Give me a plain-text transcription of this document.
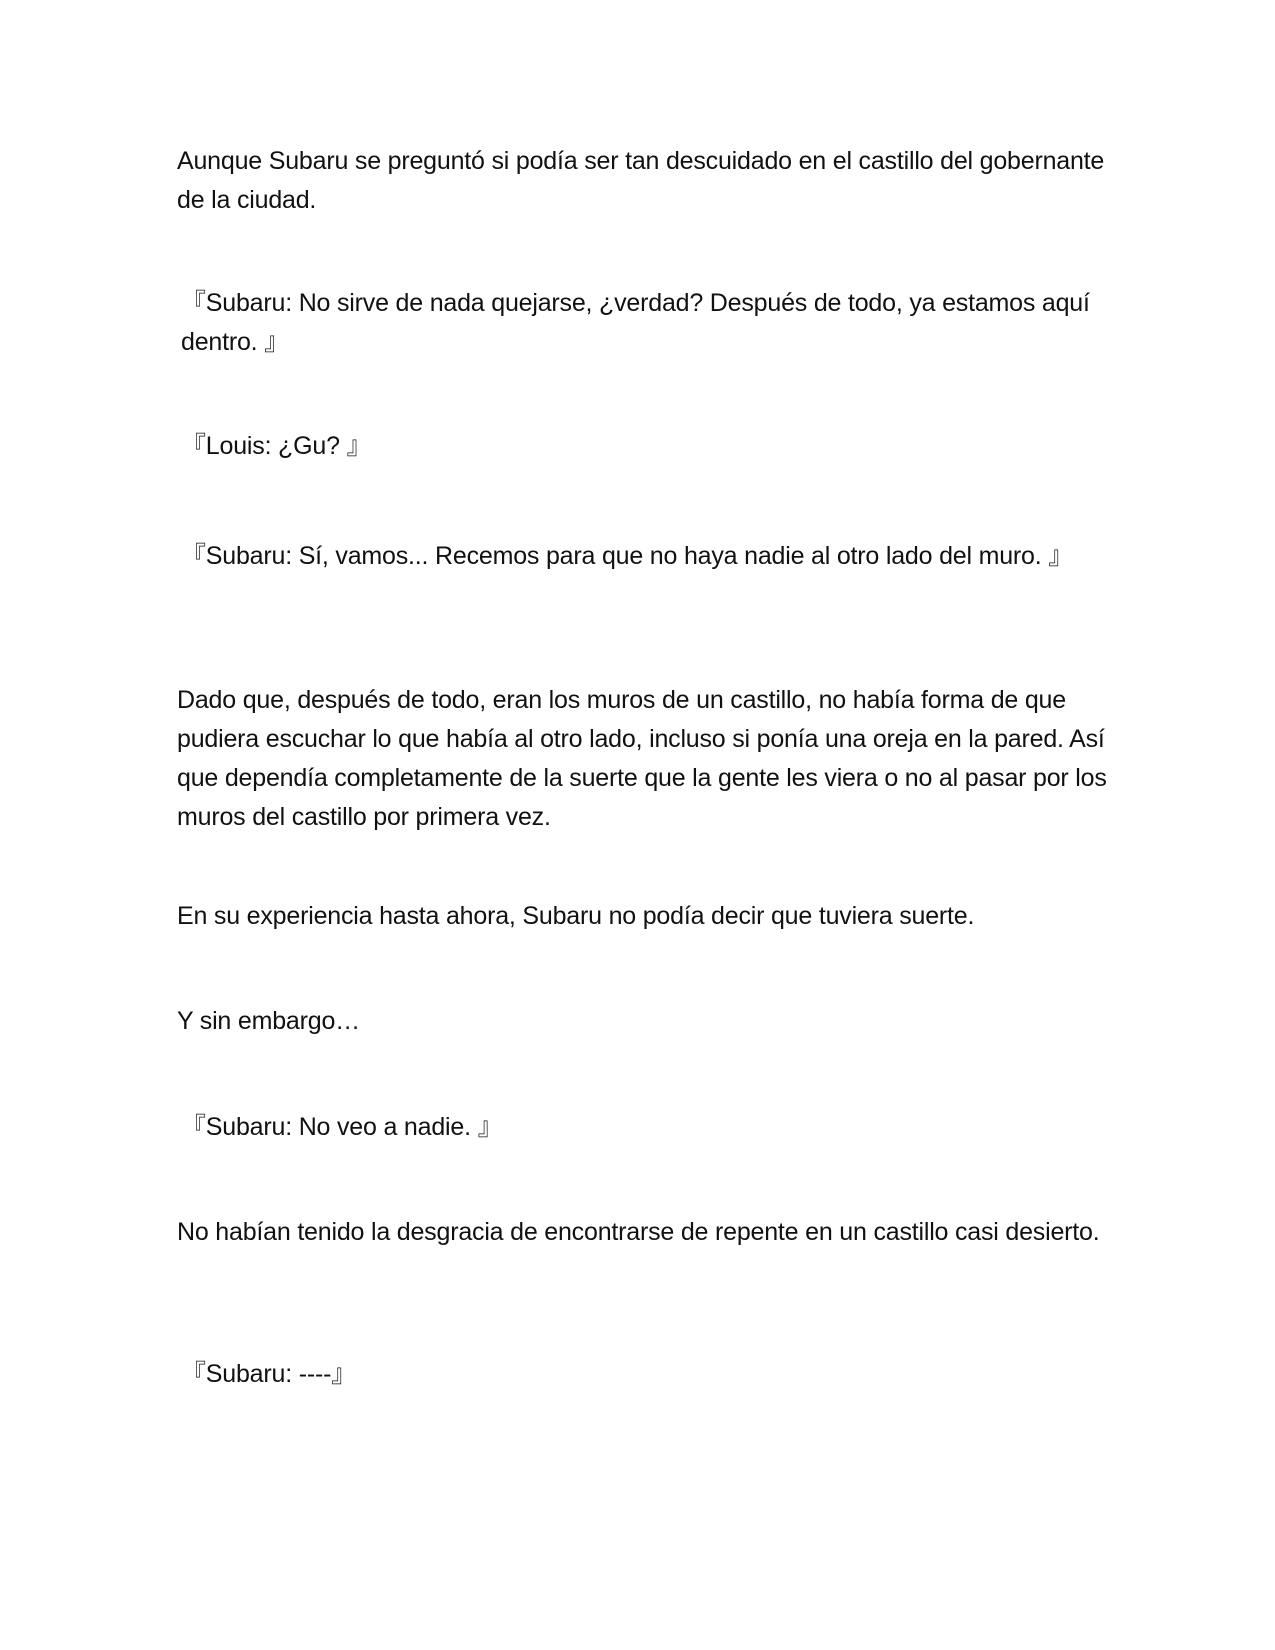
Aunque Subaru se preguntó si podía ser tan descuidado en el castillo del gobernante de la ciudad.

『Subaru: No sirve de nada quejarse, ¿verdad? Después de todo, ya estamos aquí dentro. 』

『Louis: ¿Gu? 』

『Subaru: Sí, vamos... Recemos para que no haya nadie al otro lado del muro. 』

Dado que, después de todo, eran los muros de un castillo, no había forma de que pudiera escuchar lo que había al otro lado, incluso si ponía una oreja en la pared. Así que dependía completamente de la suerte que la gente les viera o no al pasar por los muros del castillo por primera vez.

En su experiencia hasta ahora, Subaru no podía decir que tuviera suerte.

Y sin embargo…

『Subaru: No veo a nadie. 』

No habían tenido la desgracia de encontrarse de repente en un castillo casi desierto.

『Subaru: ----』
